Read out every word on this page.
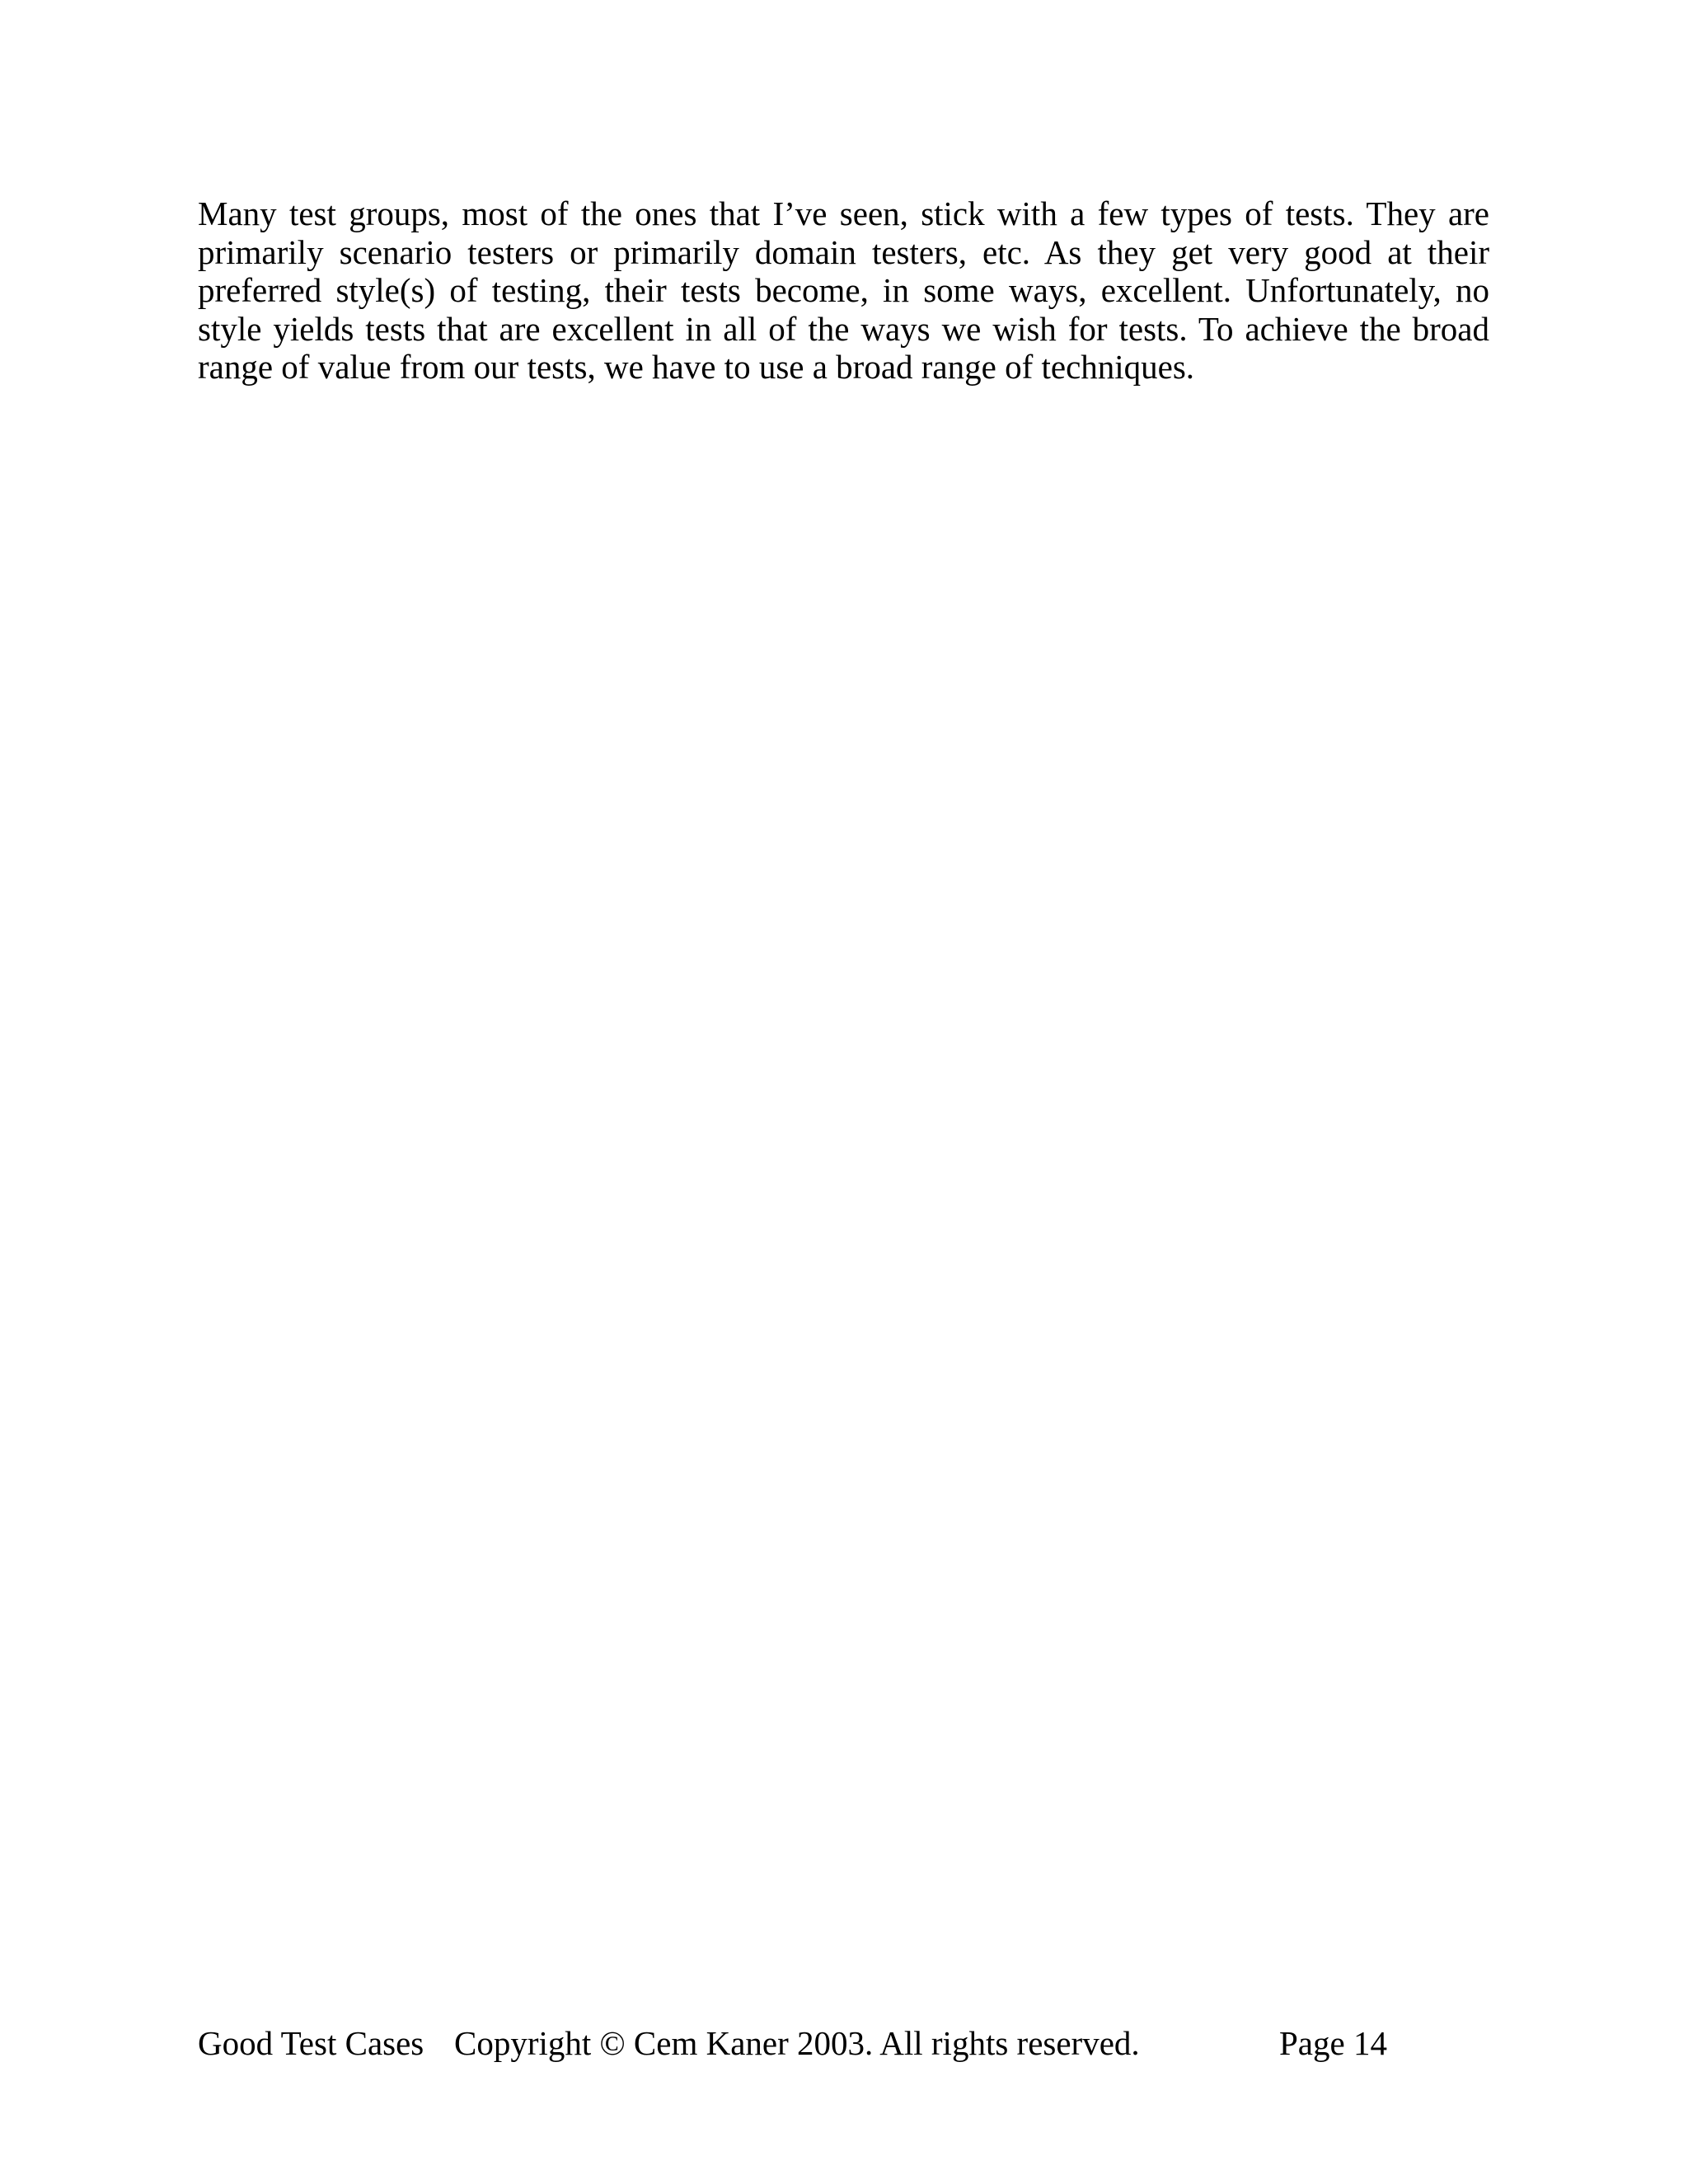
Many test groups, most of the ones that I’ve seen, stick with a few types of tests. They are primarily scenario testers or primarily domain testers, etc. As they get very good at their preferred style(s) of testing, their tests become, in some ways, excellent. Unfortunately, no style yields tests that are excellent in all of the ways we wish for tests. To achieve the broad range of value from our tests, we have to use a broad range of techniques.

Good Test Cases Copyright © Cem Kaner 2003. All rights reserved.	Page 14
